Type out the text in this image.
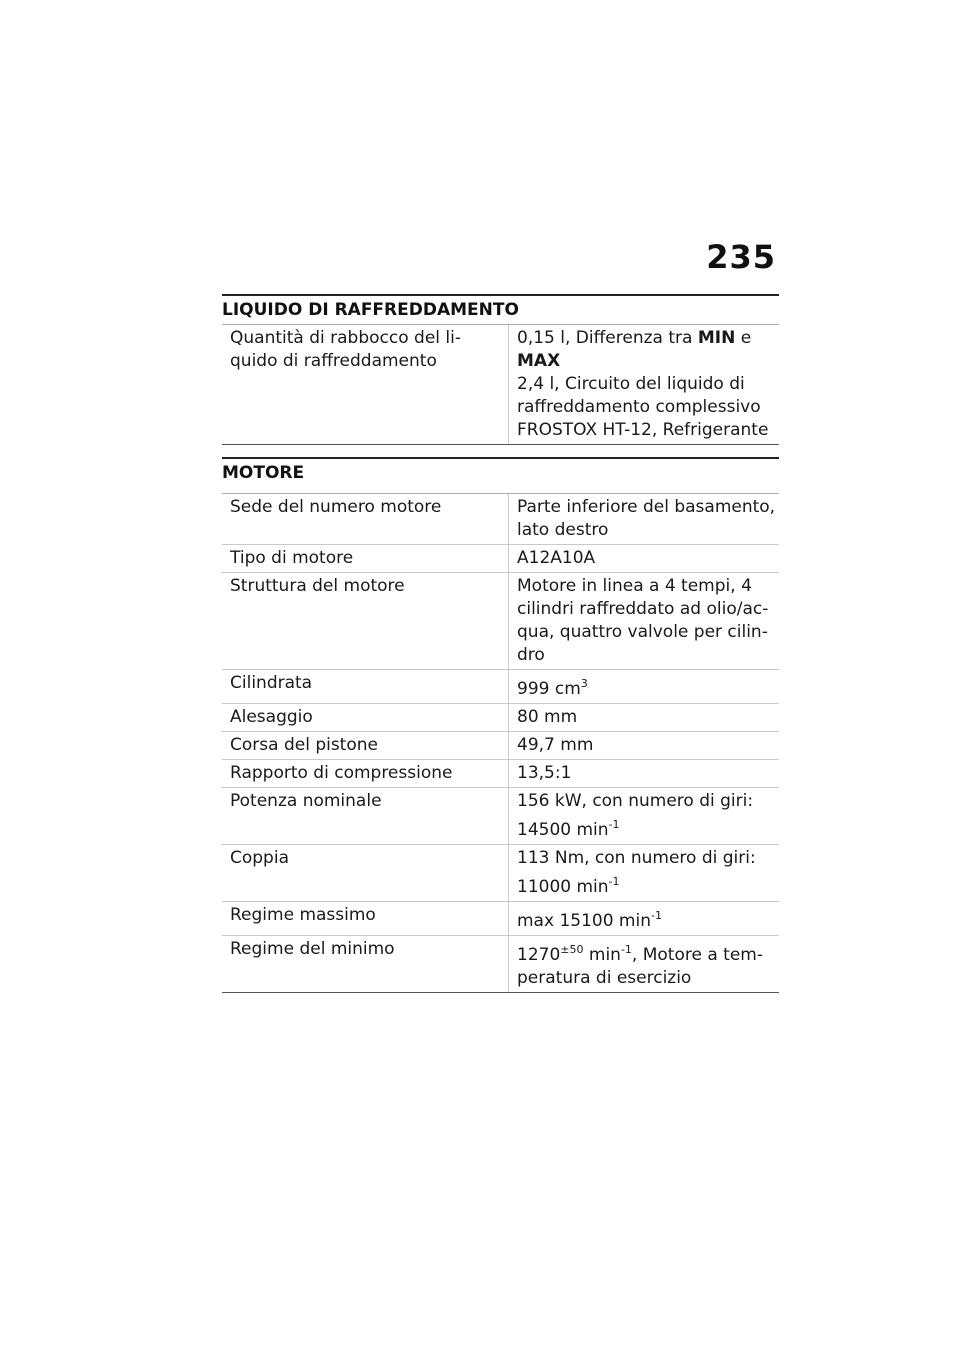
235
LIQUIDO DI RAFFREDDAMENTO
Quantità di rabbocco del li-
quido di raffreddamento

0,15 l, Differenza tra MIN e
MAX
2,4 l, Circuito del liquido di
raffreddamento complessivo
FROSTOX HT-12, Refrigerante
MOTORE
Sede del numero motore	Parte inferiore del basamento,
lato destro

Tipo di motore	A12A10A
Struttura del motore	Motore in linea a 4 tempi, 4
cilindri raffreddato ad olio/ac-
qua, quattro valvole per cilin-
dro

Cilindrata	999 $cm^3$
Alesaggio	80 mm
Corsa del pistone	49,7 mm
Rapporto di compressione	13,5:1
Potenza nominale	156 kW, con numero di giri:
14500 $\min^{-1}$

Coppia	113 Nm, con numero di giri:
11000 $\min^{-1}$

Regime massimo	max 15100 $\min^{-1}$
Regime del minimo	$1270^{\pm 50}$ $\min^{-1}$, Motore a tem-
peratura di esercizio
